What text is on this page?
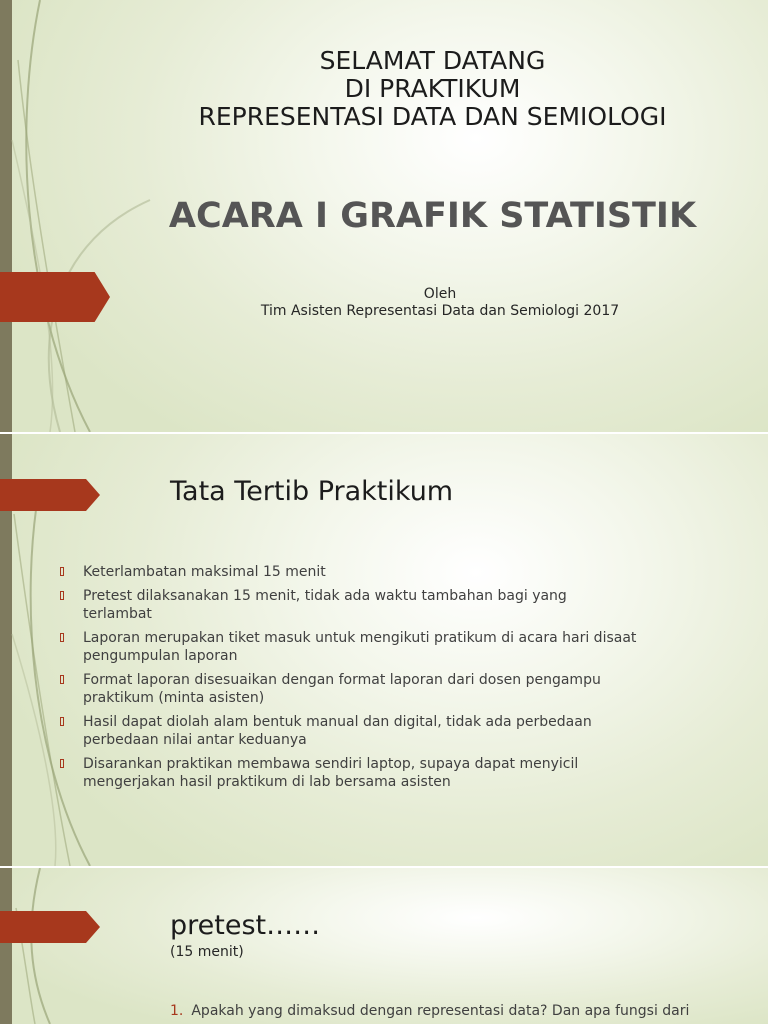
SELAMAT DATANG
DI PRAKTIKUM
REPRESENTASI DATA DAN SEMIOLOGI
ACARA I GRAFIK STATISTIK
Oleh
Tim Asisten Representasi Data dan Semiologi 2017
Tata Tertib Praktikum
Keterlambatan maksimal 15 menit
Pretest dilaksanakan 15 menit, tidak ada waktu tambahan bagi yang terlambat
Laporan merupakan tiket masuk untuk mengikuti pratikum di acara hari disaat pengumpulan laporan
Format laporan disesuaikan dengan format laporan dari dosen pengampu praktikum (minta asisten)
Hasil dapat diolah alam bentuk manual dan digital, tidak ada perbedaan perbedaan nilai antar keduanya
Disarankan praktikan membawa sendiri laptop, supaya dapat menyicil mengerjakan hasil praktikum di lab bersama asisten
pretest……
(15 menit)
1. Apakah yang dimaksud dengan representasi data? Dan apa fungsi dari
